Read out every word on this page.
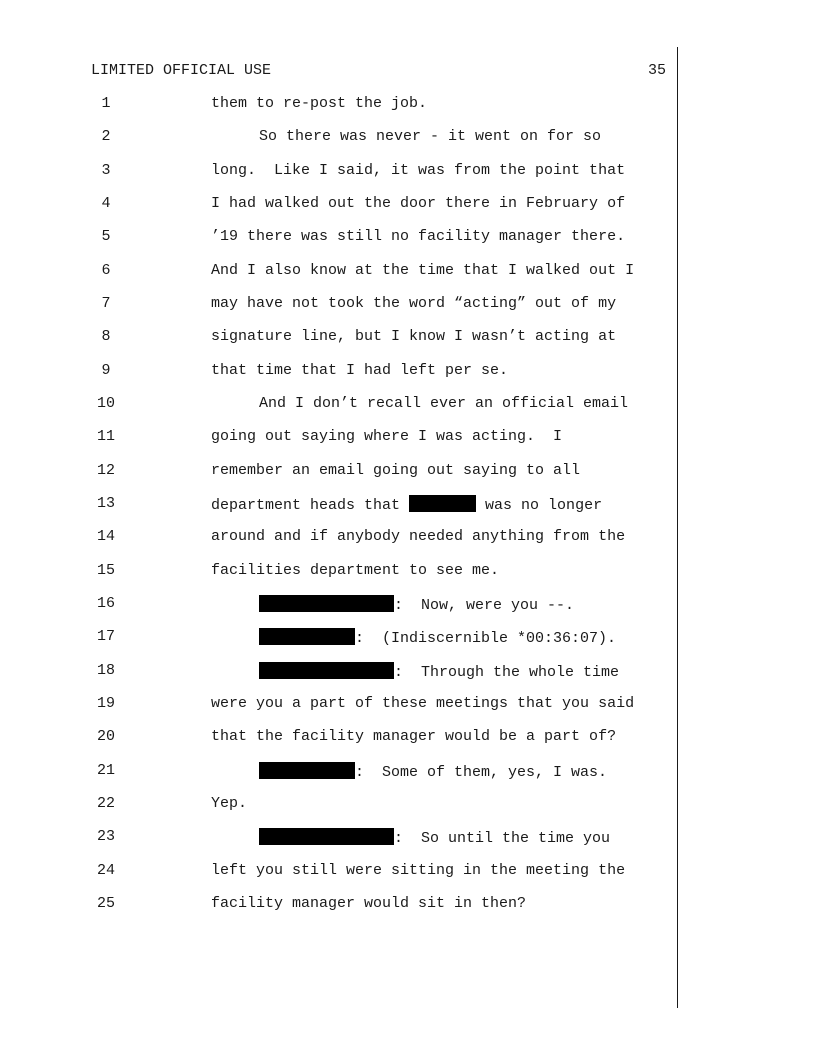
LIMITED OFFICIAL USE	35
1	them to re-post the job.
2	So there was never - it went on for so
3	long.  Like I said, it was from the point that
4	I had walked out the door there in February of
5	’19 there was still no facility manager there.
6	And I also know at the time that I walked out I
7	may have not took the word “acting” out of my
8	signature line, but I know I wasn’t acting at
9	that time that I had left per se.
10	And I don’t recall ever an official email
11	going out saying where I was acting.  I
12	remember an email going out saying to all
13	department heads that	was no longer
14	around and if anybody needed anything from the
15	facilities department to see me.
16	:  Now, were you --.
17	:  (Indiscernible *00:36:07).
18	:  Through the whole time
19	were you a part of these meetings that you said
20	that the facility manager would be a part of?
21	:  Some of them, yes, I was.
22	Yep.
23	:  So until the time you
24	left you still were sitting in the meeting the
25	facility manager would sit in then?
